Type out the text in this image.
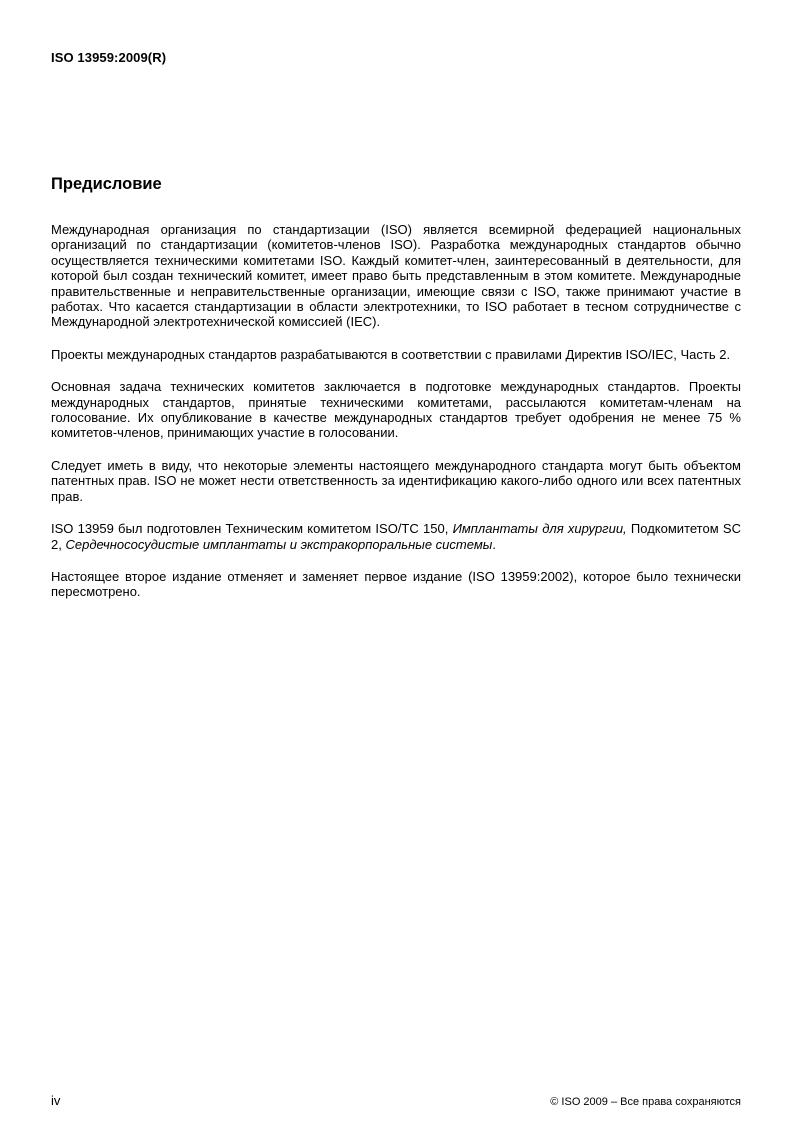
ISO 13959:2009(R)
Предисловие

Международная организация по стандартизации (ISO) является всемирной федерацией национальных организаций по стандартизации (комитетов-членов ISO). Разработка международных стандартов обычно осуществляется техническими комитетами ISO. Каждый комитет-член, заинтересованный в деятельности, для которой был создан технический комитет, имеет право быть представленным в этом комитете. Международные правительственные и неправительственные организации, имеющие связи с ISO, также принимают участие в работах. Что касается стандартизации в области электротехники, то ISO работает в тесном сотрудничестве с Международной электротехнической комиссией (IEC).

Проекты международных стандартов разрабатываются в соответствии с правилами Директив ISO/IEC, Часть 2.

Основная задача технических комитетов заключается в подготовке международных стандартов. Проекты международных стандартов, принятые техническими комитетами, рассылаются комитетам-членам на голосование. Их опубликование в качестве международных стандартов требует одобрения не менее 75 % комитетов-членов, принимающих участие в голосовании.

Следует иметь в виду, что некоторые элементы настоящего международного стандарта могут быть объектом патентных прав. ISO не может нести ответственность за идентификацию какого-либо одного или всех патентных прав.

ISO 13959 был подготовлен Техническим комитетом ISO/TC 150, Имплантаты для хирургии, Подкомитетом SC 2, Сердечнососудистые имплантаты и экстракорпоральные системы.

Настоящее второе издание отменяет и заменяет первое издание (ISO 13959:2002), которое было технически пересмотрено.

iv	© ISO 2009 – Все права сохраняются
